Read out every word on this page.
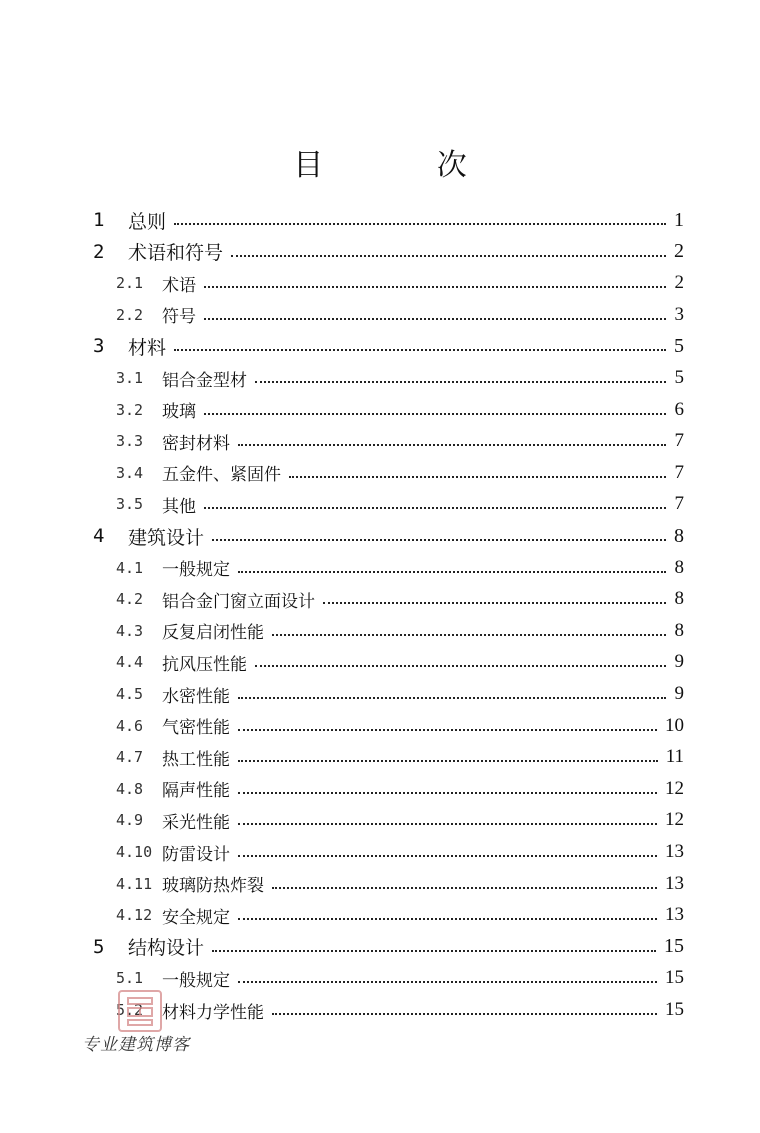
目 次
1 总则	1
2 术语和符号	2
2.1 术语	2
2.2 符号	3
3 材料	5
3.1 铝合金型材	5
3.2 玻璃	6
3.3 密封材料	7
3.4 五金件、紧固件	7
3.5 其他	7
4 建筑设计	8
4.1 一般规定	8
4.2 铝合金门窗立面设计	8
4.3 反复启闭性能	8
4.4 抗风压性能	9
4.5 水密性能	9
4.6 气密性能	10
4.7 热工性能	11
4.8 隔声性能	12
4.9 采光性能	12
4.10 防雷设计	13
4.11 玻璃防热炸裂	13
4.12 安全规定	13
5 结构设计	15
5.1 一般规定	15
5.2 材料力学性能	15
专业建筑博客
